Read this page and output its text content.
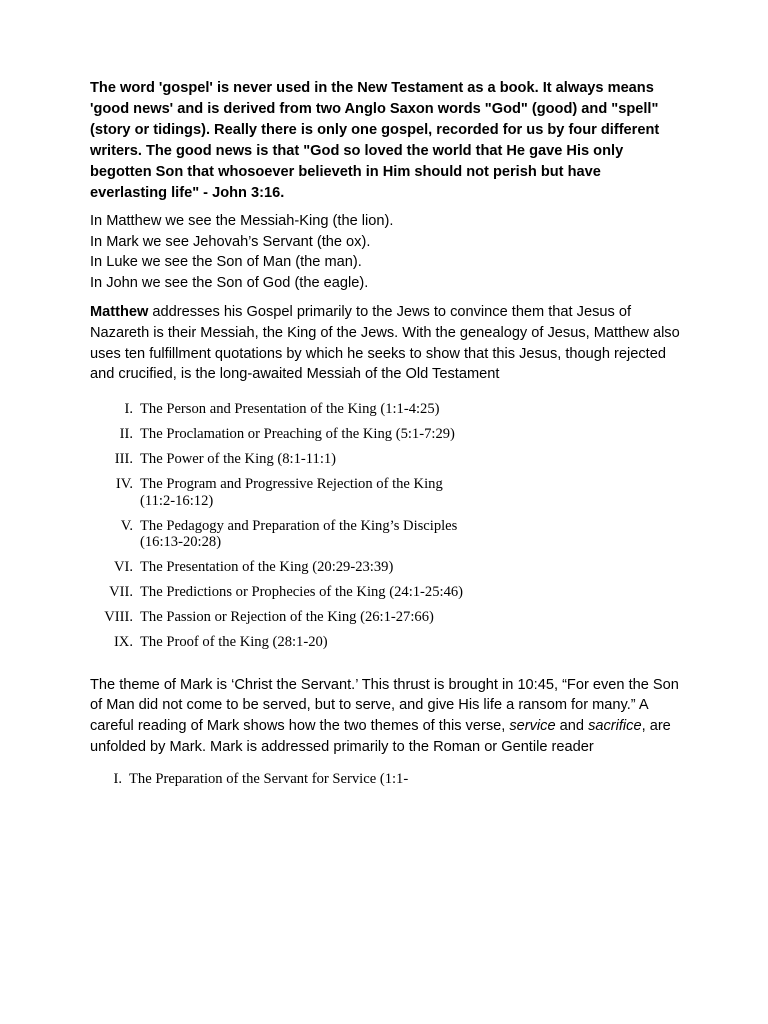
The word 'gospel' is never used in the New Testament as a book. It always means 'good news' and is derived from two Anglo Saxon words "God" (good) and "spell" (story or tidings). Really there is only one gospel, recorded for us by four different writers. The good news is that "God so loved the world that He gave His only begotten Son that whosoever believeth in Him should not perish but have everlasting life" - John 3:16.

In Matthew we see the Messiah-King (the lion).
In Mark we see Jehovah’s Servant (the ox).
In Luke we see the Son of Man (the man).
In John we see the Son of God (the eagle).

Matthew addresses his Gospel primarily to the Jews to convince them that Jesus of Nazareth is their Messiah, the King of the Jews. With the genealogy of Jesus, Matthew also uses ten fulfillment quotations by which he seeks to show that this Jesus, though rejected and crucified, is the long-awaited Messiah of the Old Testament

I. The Person and Presentation of the King (1:1-4:25)
II. The Proclamation or Preaching of the King (5:1-7:29)
III. The Power of the King (8:1-11:1)
IV. The Program and Progressive Rejection of the King (11:2-16:12)
V. The Pedagogy and Preparation of the King’s Disciples (16:13-20:28)
VI. The Presentation of the King (20:29-23:39)
VII. The Predictions or Prophecies of the King (24:1-25:46)
VIII. The Passion or Rejection of the King (26:1-27:66)
IX. The Proof of the King (28:1-20)

The theme of Mark is ‘Christ the Servant.’ This thrust is brought in 10:45, “For even the Son of Man did not come to be served, but to serve, and give His life a ransom for many.” A careful reading of Mark shows how the two themes of this verse, service and sacrifice, are unfolded by Mark. Mark is addressed primarily to the Roman or Gentile reader

I. The Preparation of the Servant for Service (1:1-
